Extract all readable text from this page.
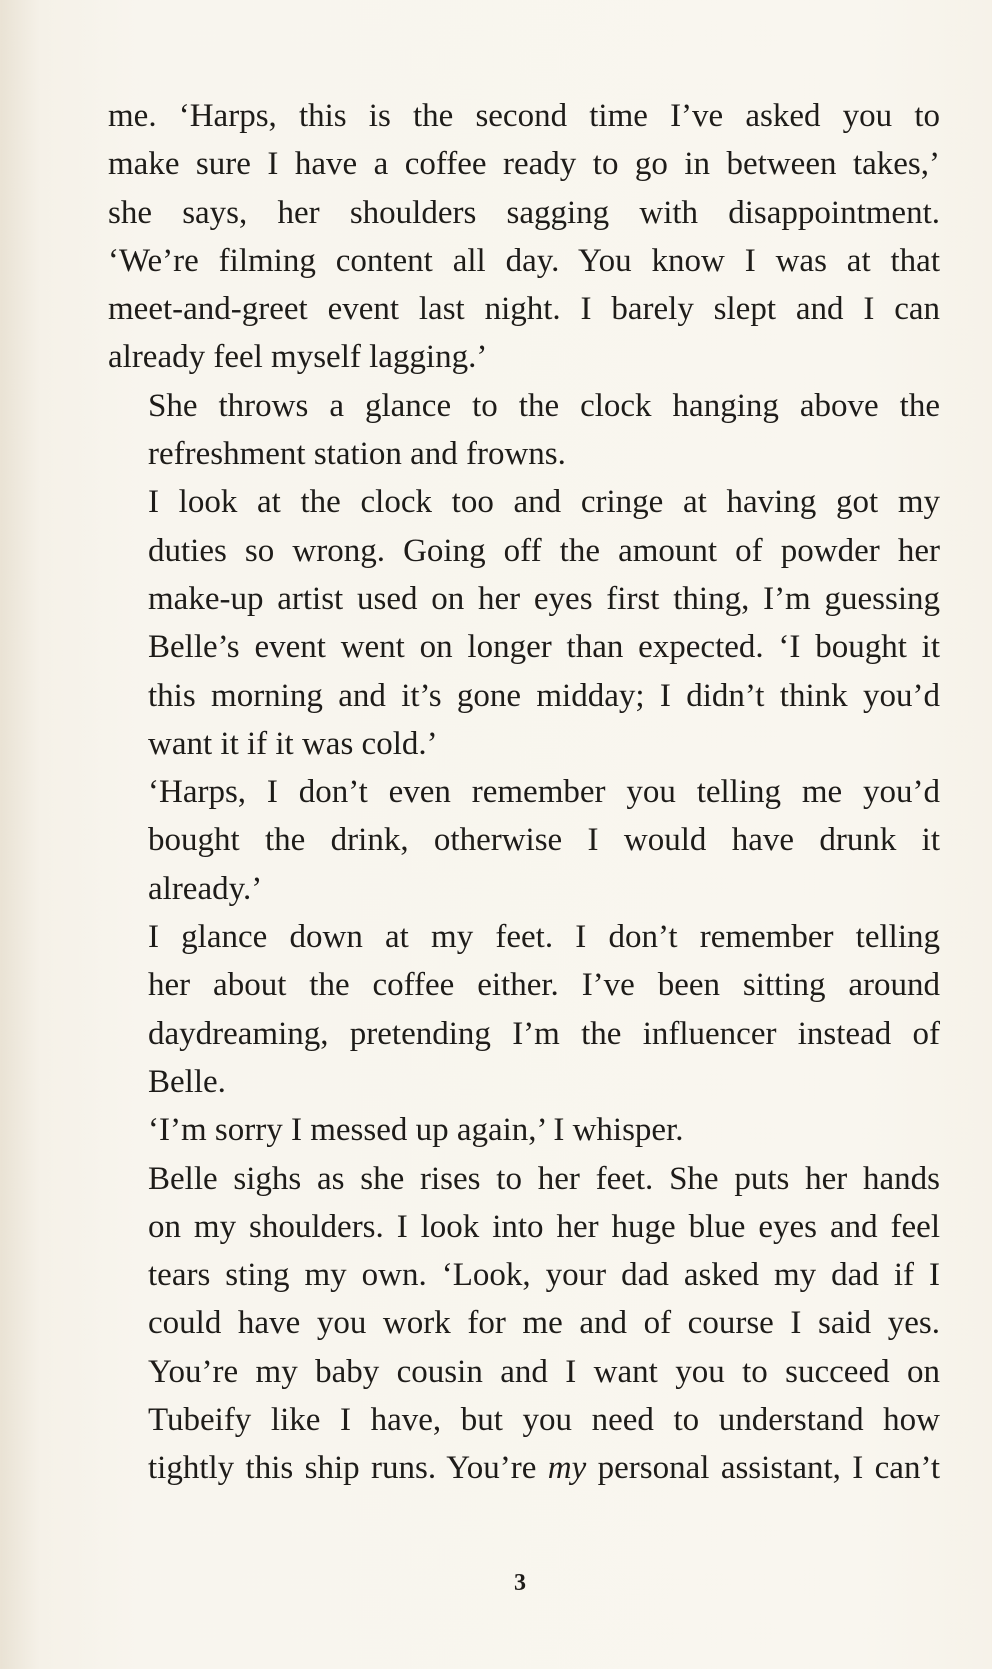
me. ‘Harps, this is the second time I’ve asked you to
make sure I have a coffee ready to go in between takes,’
she says, her shoulders sagging with disappointment.
‘We’re filming content all day. You know I was at that
meet-and-greet event last night. I barely slept and I can
already feel myself lagging.’

She throws a glance to the clock hanging above the
refreshment station and frowns.

I look at the clock too and cringe at having got my
duties so wrong. Going off the amount of powder her
make-up artist used on her eyes first thing, I’m guessing
Belle’s event went on longer than expected. ‘I bought it
this morning and it’s gone midday; I didn’t think you’d
want it if it was cold.’

‘Harps, I don’t even remember you telling me you’d
bought the drink, otherwise I would have drunk it
already.’

I glance down at my feet. I don’t remember telling
her about the coffee either. I’ve been sitting around
daydreaming, pretending I’m the influencer instead of
Belle.

‘I’m sorry I messed up again,’ I whisper.

Belle sighs as she rises to her feet. She puts her hands
on my shoulders. I look into her huge blue eyes and feel
tears sting my own. ‘Look, your dad asked my dad if I
could have you work for me and of course I said yes.
You’re my baby cousin and I want you to succeed on
Tubeify like I have, but you need to understand how
tightly this ship runs. You’re my personal assistant, I can’t

3
